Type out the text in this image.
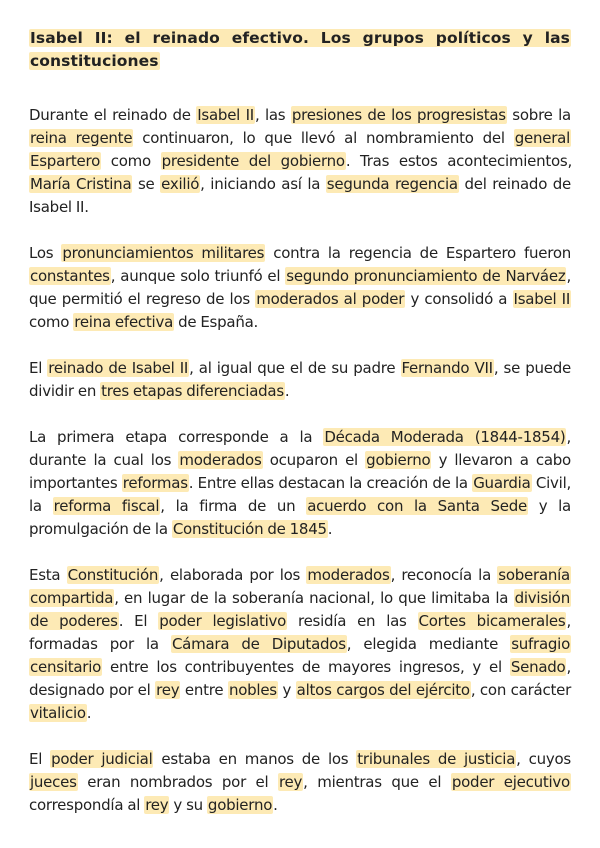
Isabel II: el reinado efectivo. Los grupos políticos y las constituciones

Durante el reinado de Isabel II, las presiones de los progresistas sobre la reina regente continuaron, lo que llevó al nombramiento del general Espartero como presidente del gobierno. Tras estos acontecimientos, María Cristina se exilió, iniciando así la segunda regencia del reinado de Isabel II.

Los pronunciamientos militares contra la regencia de Espartero fueron constantes, aunque solo triunfó el segundo pronunciamiento de Narváez, que permitió el regreso de los moderados al poder y consolidó a Isabel II como reina efectiva de España.

El reinado de Isabel II, al igual que el de su padre Fernando VII, se puede dividir en tres etapas diferenciadas.

La primera etapa corresponde a la Década Moderada (1844-1854), durante la cual los moderados ocuparon el gobierno y llevaron a cabo importantes reformas. Entre ellas destacan la creación de la Guardia Civil, la reforma fiscal, la firma de un acuerdo con la Santa Sede y la promulgación de la Constitución de 1845.

Esta Constitución, elaborada por los moderados, reconocía la soberanía compartida, en lugar de la soberanía nacional, lo que limitaba la división de poderes. El poder legislativo residía en las Cortes bicamerales, formadas por la Cámara de Diputados, elegida mediante sufragio censitario entre los contribuyentes de mayores ingresos, y el Senado, designado por el rey entre nobles y altos cargos del ejército, con carácter vitalicio.

El poder judicial estaba en manos de los tribunales de justicia, cuyos jueces eran nombrados por el rey, mientras que el poder ejecutivo correspondía al rey y su gobierno.
